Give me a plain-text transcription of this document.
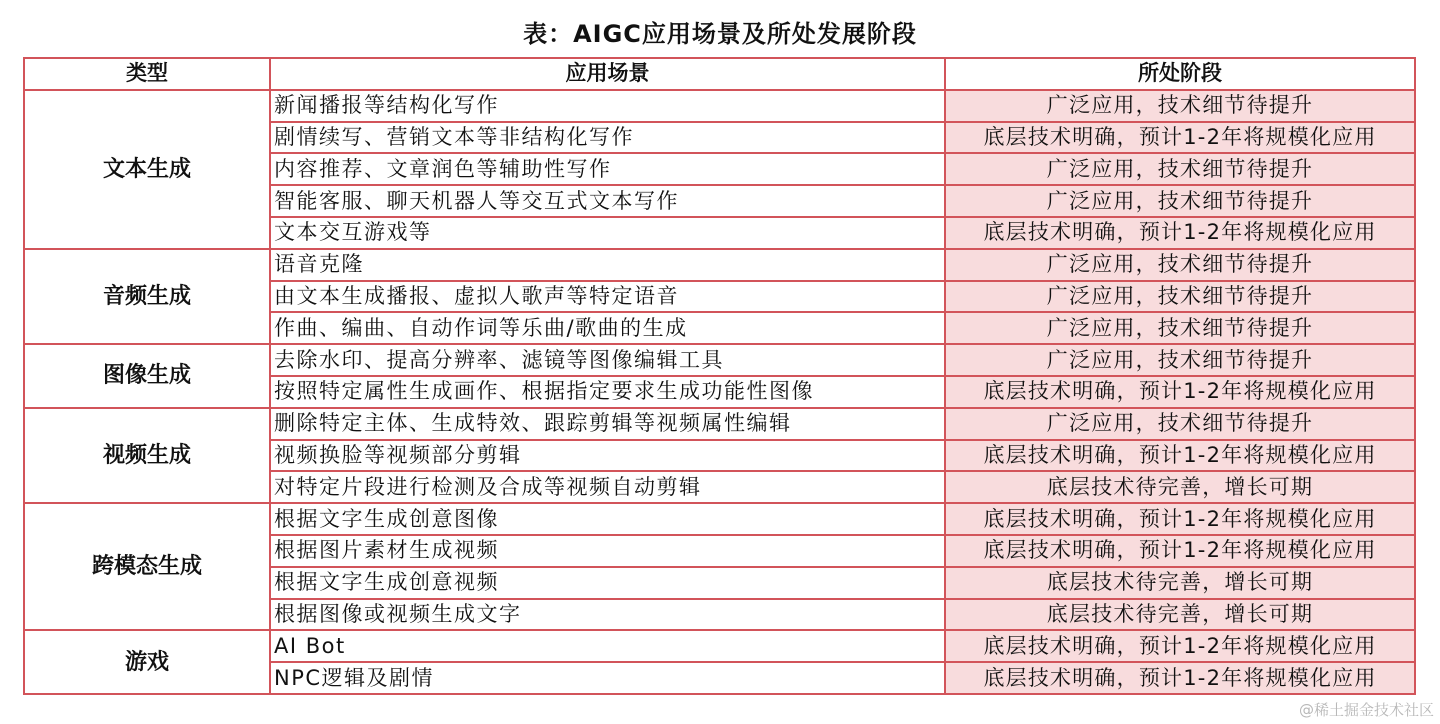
表：AIGC应用场景及所处发展阶段
类型	应用场景	所处阶段
文本生成	新闻播报等结构化写作	广泛应用，技术细节待提升
	剧情续写、营销文本等非结构化写作	底层技术明确，预计1-2年将规模化应用
	内容推荐、文章润色等辅助性写作	广泛应用，技术细节待提升
	智能客服、聊天机器人等交互式文本写作	广泛应用，技术细节待提升
	文本交互游戏等	底层技术明确，预计1-2年将规模化应用
音频生成	语音克隆	广泛应用，技术细节待提升
	由文本生成播报、虚拟人歌声等特定语音	广泛应用，技术细节待提升
	作曲、编曲、自动作词等乐曲/歌曲的生成	广泛应用，技术细节待提升
图像生成	去除水印、提高分辨率、滤镜等图像编辑工具	广泛应用，技术细节待提升
	按照特定属性生成画作、根据指定要求生成功能性图像	底层技术明确，预计1-2年将规模化应用
视频生成	删除特定主体、生成特效、跟踪剪辑等视频属性编辑	广泛应用，技术细节待提升
	视频换脸等视频部分剪辑	底层技术明确，预计1-2年将规模化应用
	对特定片段进行检测及合成等视频自动剪辑	底层技术待完善，增长可期
跨模态生成	根据文字生成创意图像	底层技术明确，预计1-2年将规模化应用
	根据图片素材生成视频	底层技术明确，预计1-2年将规模化应用
	根据文字生成创意视频	底层技术待完善，增长可期
	根据图像或视频生成文字	底层技术待完善，增长可期
游戏	AI Bot	底层技术明确，预计1-2年将规模化应用
	NPC逻辑及剧情	底层技术明确，预计1-2年将规模化应用
@稀土掘金技术社区
